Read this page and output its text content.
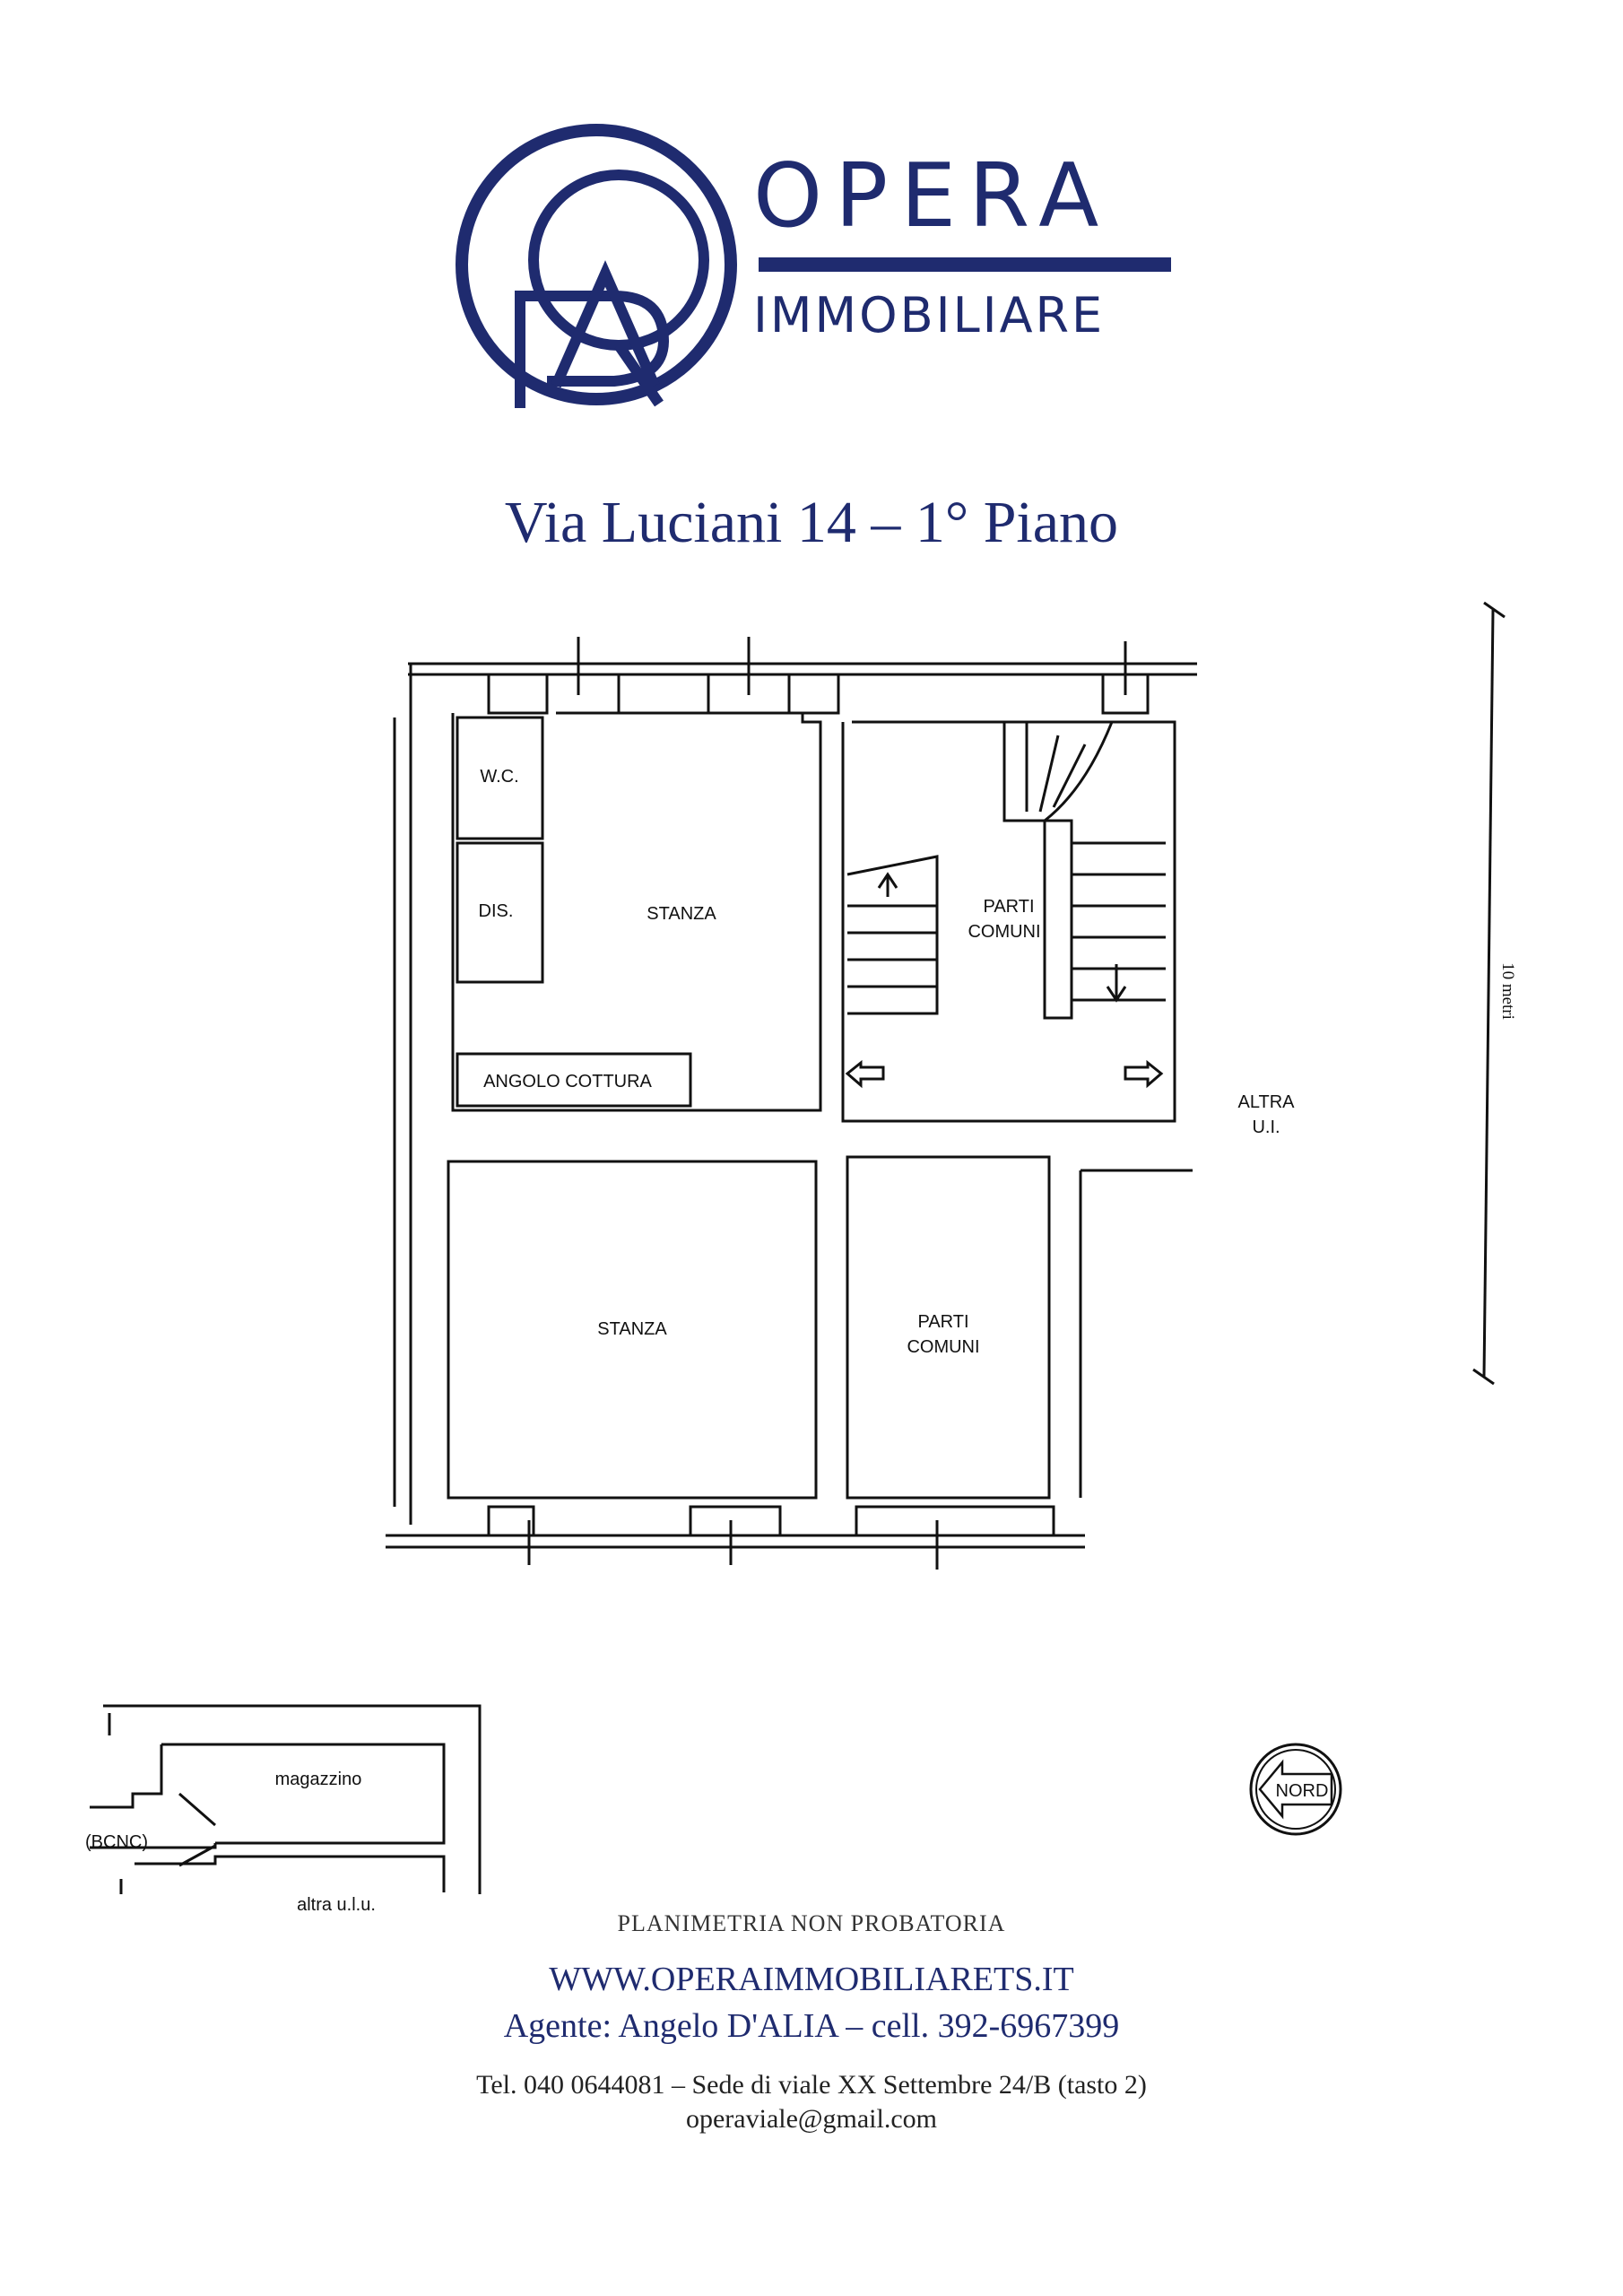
OPERA
IMMOBILIARE
Via Luciani 14 – 1° Piano
W.C.
DIS.	STANZA
ANGOLO COTTURA
STANZA
PARTI
COMUNI
PARTI
COMUNI
ALTRA
U.I.
10 metri
magazzino
(BCNC)
altra u.l.u.
NORD
PLANIMETRIA NON PROBATORIA
WWW.OPERAIMMOBILIARETS.IT
Agente: Angelo D'ALIA – cell. 392-6967399
Tel. 040 0644081 – Sede di viale XX Settembre 24/B (tasto 2)
operaviale@gmail.com
